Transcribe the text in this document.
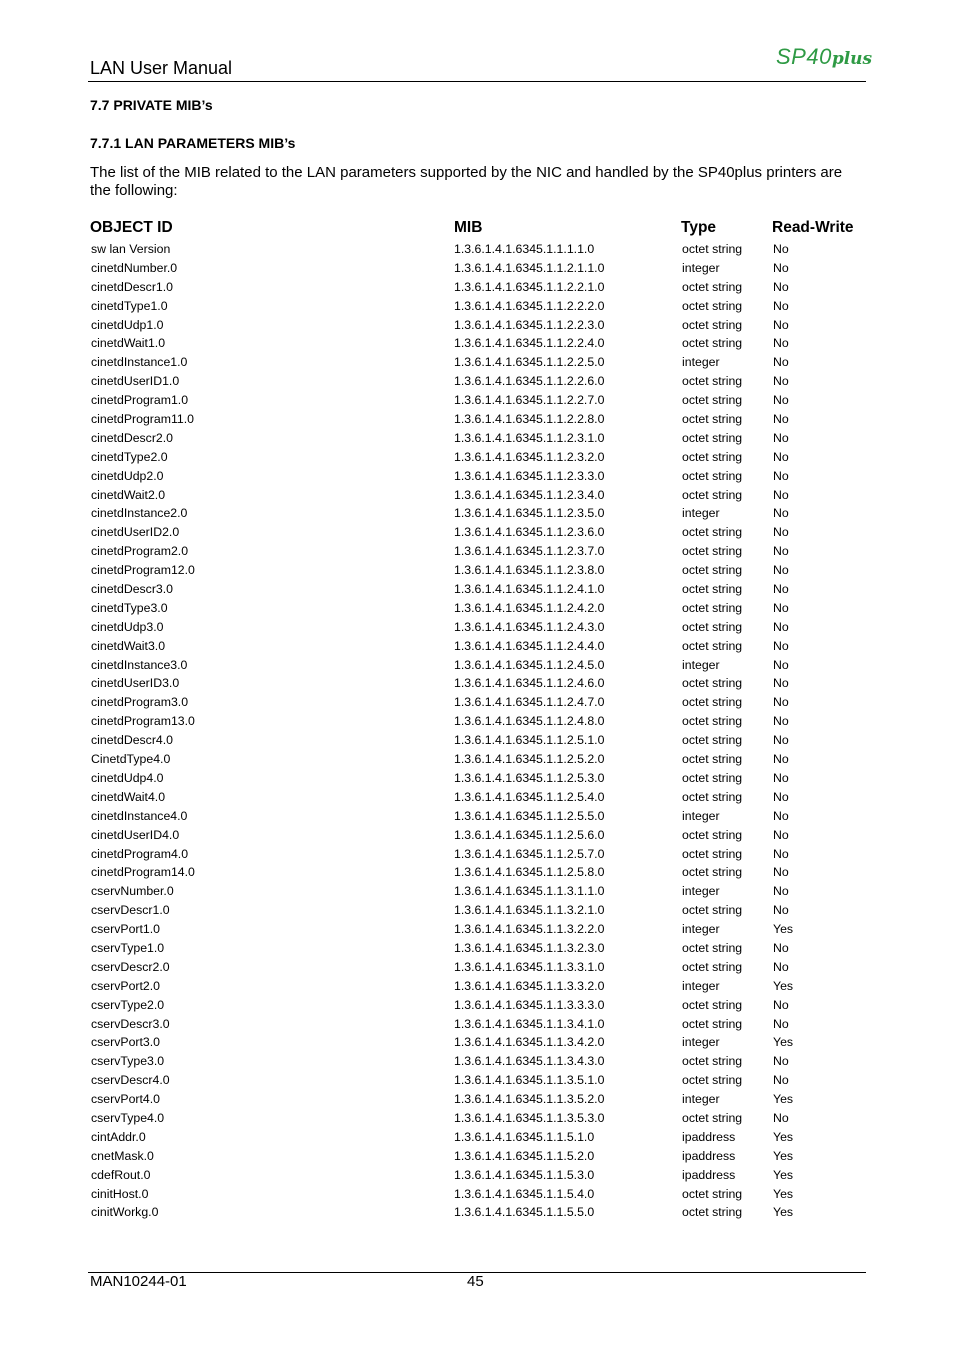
LAN User Manual	SP40plus
7.7 PRIVATE MIB’s
7.7.1 LAN PARAMETERS MIB’s
The list of the MIB related to the LAN parameters supported by the NIC and handled by the SP40plus printers are the following:
OBJECT ID	MIB	Type	Read-Write
sw lan Version	1.3.6.1.4.1.6345.1.1.1.1.0	octet string	No
cinetdNumber.0	1.3.6.1.4.1.6345.1.1.2.1.1.0	integer	No
cinetdDescr1.0	1.3.6.1.4.1.6345.1.1.2.2.1.0	octet string	No
cinetdType1.0	1.3.6.1.4.1.6345.1.1.2.2.2.0	octet string	No
cinetdUdp1.0	1.3.6.1.4.1.6345.1.1.2.2.3.0	octet string	No
cinetdWait1.0	1.3.6.1.4.1.6345.1.1.2.2.4.0	octet string	No
cinetdInstance1.0	1.3.6.1.4.1.6345.1.1.2.2.5.0	integer	No
cinetdUserID1.0	1.3.6.1.4.1.6345.1.1.2.2.6.0	octet string	No
cinetdProgram1.0	1.3.6.1.4.1.6345.1.1.2.2.7.0	octet string	No
cinetdProgram11.0	1.3.6.1.4.1.6345.1.1.2.2.8.0	octet string	No
cinetdDescr2.0	1.3.6.1.4.1.6345.1.1.2.3.1.0	octet string	No
cinetdType2.0	1.3.6.1.4.1.6345.1.1.2.3.2.0	octet string	No
cinetdUdp2.0	1.3.6.1.4.1.6345.1.1.2.3.3.0	octet string	No
cinetdWait2.0	1.3.6.1.4.1.6345.1.1.2.3.4.0	octet string	No
cinetdInstance2.0	1.3.6.1.4.1.6345.1.1.2.3.5.0	integer	No
cinetdUserID2.0	1.3.6.1.4.1.6345.1.1.2.3.6.0	octet string	No
cinetdProgram2.0	1.3.6.1.4.1.6345.1.1.2.3.7.0	octet string	No
cinetdProgram12.0	1.3.6.1.4.1.6345.1.1.2.3.8.0	octet string	No
cinetdDescr3.0	1.3.6.1.4.1.6345.1.1.2.4.1.0	octet string	No
cinetdType3.0	1.3.6.1.4.1.6345.1.1.2.4.2.0	octet string	No
cinetdUdp3.0	1.3.6.1.4.1.6345.1.1.2.4.3.0	octet string	No
cinetdWait3.0	1.3.6.1.4.1.6345.1.1.2.4.4.0	octet string	No
cinetdInstance3.0	1.3.6.1.4.1.6345.1.1.2.4.5.0	integer	No
cinetdUserID3.0	1.3.6.1.4.1.6345.1.1.2.4.6.0	octet string	No
cinetdProgram3.0	1.3.6.1.4.1.6345.1.1.2.4.7.0	octet string	No
cinetdProgram13.0	1.3.6.1.4.1.6345.1.1.2.4.8.0	octet string	No
cinetdDescr4.0	1.3.6.1.4.1.6345.1.1.2.5.1.0	octet string	No
CinetdType4.0	1.3.6.1.4.1.6345.1.1.2.5.2.0	octet string	No
cinetdUdp4.0	1.3.6.1.4.1.6345.1.1.2.5.3.0	octet string	No
cinetdWait4.0	1.3.6.1.4.1.6345.1.1.2.5.4.0	octet string	No
cinetdInstance4.0	1.3.6.1.4.1.6345.1.1.2.5.5.0	integer	No
cinetdUserID4.0	1.3.6.1.4.1.6345.1.1.2.5.6.0	octet string	No
cinetdProgram4.0	1.3.6.1.4.1.6345.1.1.2.5.7.0	octet string	No
cinetdProgram14.0	1.3.6.1.4.1.6345.1.1.2.5.8.0	octet string	No
cservNumber.0	1.3.6.1.4.1.6345.1.1.3.1.1.0	integer	No
cservDescr1.0	1.3.6.1.4.1.6345.1.1.3.2.1.0	octet string	No
cservPort1.0	1.3.6.1.4.1.6345.1.1.3.2.2.0	integer	Yes
cservType1.0	1.3.6.1.4.1.6345.1.1.3.2.3.0	octet string	No
cservDescr2.0	1.3.6.1.4.1.6345.1.1.3.3.1.0	octet string	No
cservPort2.0	1.3.6.1.4.1.6345.1.1.3.3.2.0	integer	Yes
cservType2.0	1.3.6.1.4.1.6345.1.1.3.3.3.0	octet string	No
cservDescr3.0	1.3.6.1.4.1.6345.1.1.3.4.1.0	octet string	No
cservPort3.0	1.3.6.1.4.1.6345.1.1.3.4.2.0	integer	Yes
cservType3.0	1.3.6.1.4.1.6345.1.1.3.4.3.0	octet string	No
cservDescr4.0	1.3.6.1.4.1.6345.1.1.3.5.1.0	octet string	No
cservPort4.0	1.3.6.1.4.1.6345.1.1.3.5.2.0	integer	Yes
cservType4.0	1.3.6.1.4.1.6345.1.1.3.5.3.0	octet string	No
cintAddr.0	1.3.6.1.4.1.6345.1.1.5.1.0	ipaddress	Yes
cnetMask.0	1.3.6.1.4.1.6345.1.1.5.2.0	ipaddress	Yes
cdefRout.0	1.3.6.1.4.1.6345.1.1.5.3.0	ipaddress	Yes
cinitHost.0	1.3.6.1.4.1.6345.1.1.5.4.0	octet string	Yes
cinitWorkg.0	1.3.6.1.4.1.6345.1.1.5.5.0	octet string	Yes
MAN10244-01	45
